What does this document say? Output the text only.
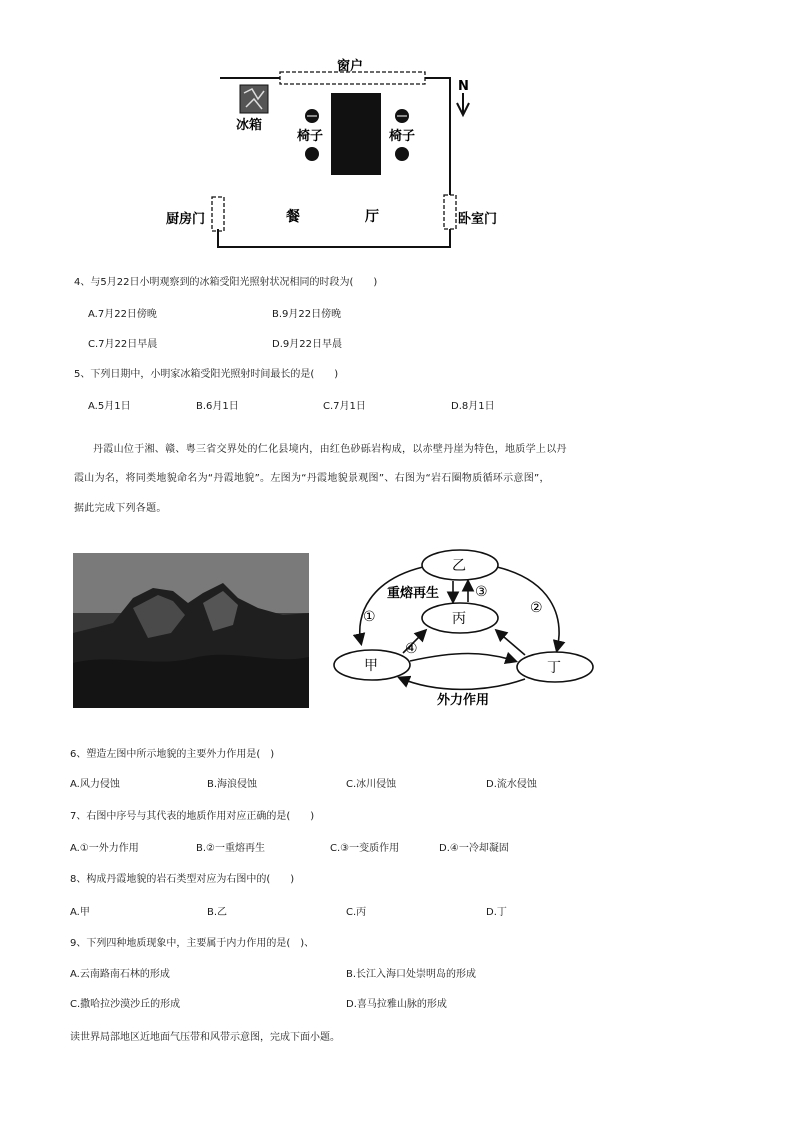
窗户
N
冰箱
椅子	椅子
厨房门	餐	厅	卧室门
4、与5月22日小明观察到的冰箱受阳光照射状况相同的时段为(　　)
A.7月22日傍晚	B.9月22日傍晚
C.7月22日早晨	D.9月22日早晨
5、下列日期中，小明家冰箱受阳光照射时间最长的是(　　)
A.5月1日	B.6月1日	C.7月1日	D.8月1日
丹霞山位于湘、赣、粤三省交界处的仁化县境内，由红色砂砾岩构成，以赤壁丹崖为特色，地质学上以丹
霞山为名，将同类地貌命名为“丹霞地貌”。左图为“丹霞地貌景观图”、右图为“岩石圈物质循环示意图”，
据此完成下列各题。
乙
丙
甲	丁
重熔再生
外力作用
①
②
③
④
6、塑造左图中所示地貌的主要外力作用是(　)
A.风力侵蚀	B.海浪侵蚀	C.冰川侵蚀	D.流水侵蚀
7、右图中序号与其代表的地质作用对应正确的是(　　)
A.①一外力作用	B.②一重熔再生	C.③一变质作用	D.④一冷却凝固
8、构成丹霞地貌的岩石类型对应为右图中的(　　)
A.甲	B.乙	C.丙	D.丁
9、下列四种地质现象中，主要属于内力作用的是(　)、
A.云南路南石林的形成	B.长江入海口处崇明岛的形成
C.撒哈拉沙漠沙丘的形成	D.喜马拉雅山脉的形成
读世界局部地区近地面气压带和风带示意图，完成下面小题。
